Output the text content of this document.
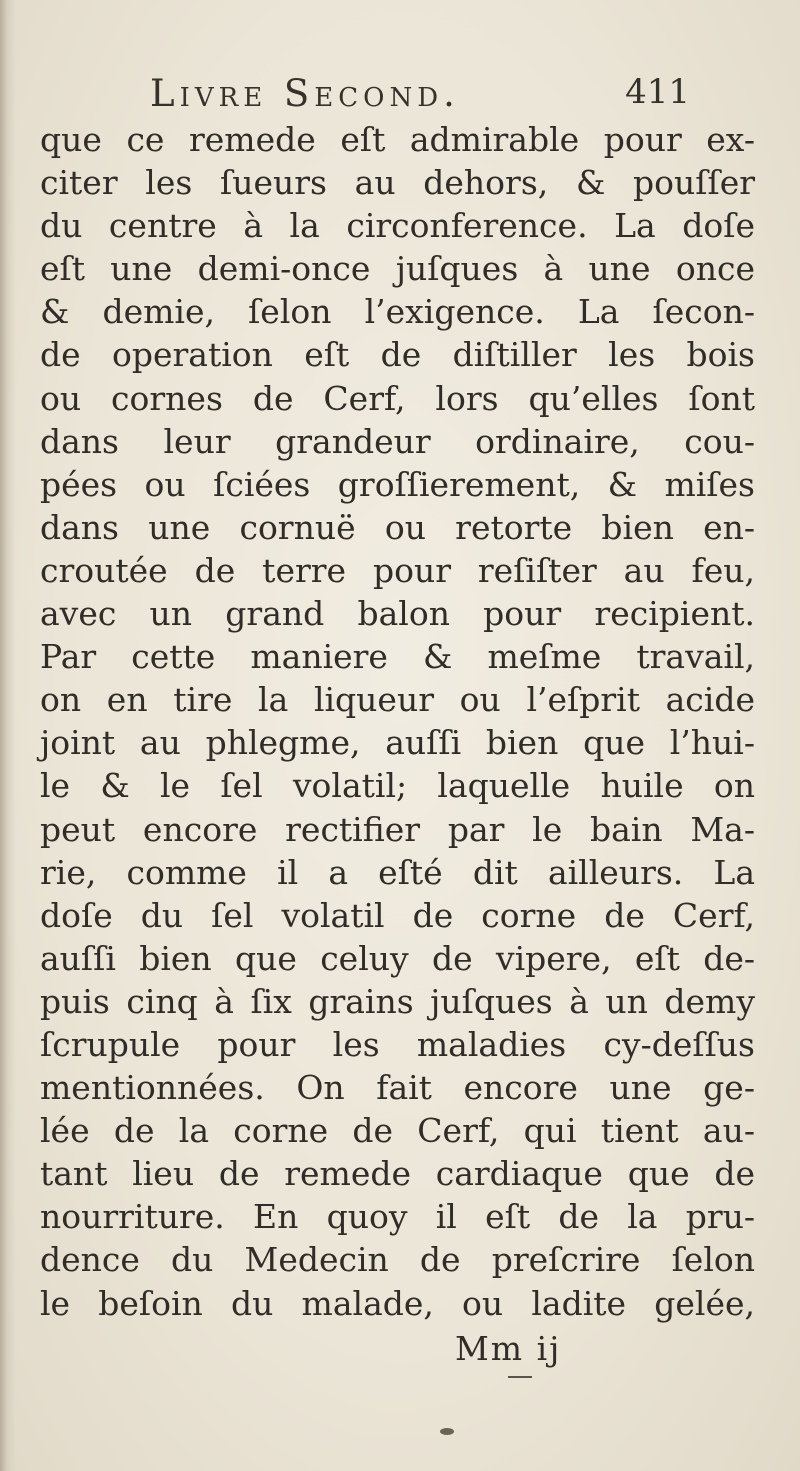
Livre Second.	411
que ce remede eſt admirable pour ex-
citer les ſueurs au dehors, & pouſſer
du centre à la circonference. La doſe
eſt une demi-once juſques à une once
& demie, ſelon l’exigence. La ſecon-
de operation eſt de diſtiller les bois
ou cornes de Cerf, lors qu’elles ſont
dans leur grandeur ordinaire, cou-
pées ou ſciées groſſierement, & miſes
dans une cornuë ou retorte bien en-
croutée de terre pour reſiſter au feu,
avec un grand balon pour recipient.
Par cette maniere & meſme travail,
on en tire la liqueur ou l’eſprit acide
joint au phlegme, auſſi bien que l’hui-
le & le ſel volatil; laquelle huile on
peut encore rectifier par le bain Ma-
rie, comme il a eſté dit ailleurs. La
doſe du ſel volatil de corne de Cerf,
auſſi bien que celuy de vipere, eſt de-
puis cinq à ſix grains juſques à un demy
ſcrupule pour les maladies cy-deſſus
mentionnées. On fait encore une ge-
lée de la corne de Cerf, qui tient au-
tant lieu de remede cardiaque que de
nourriture. En quoy il eſt de la pru-
dence du Medecin de preſcrire ſelon
le beſoin du malade, ou ladite gelée,
Mm ij
